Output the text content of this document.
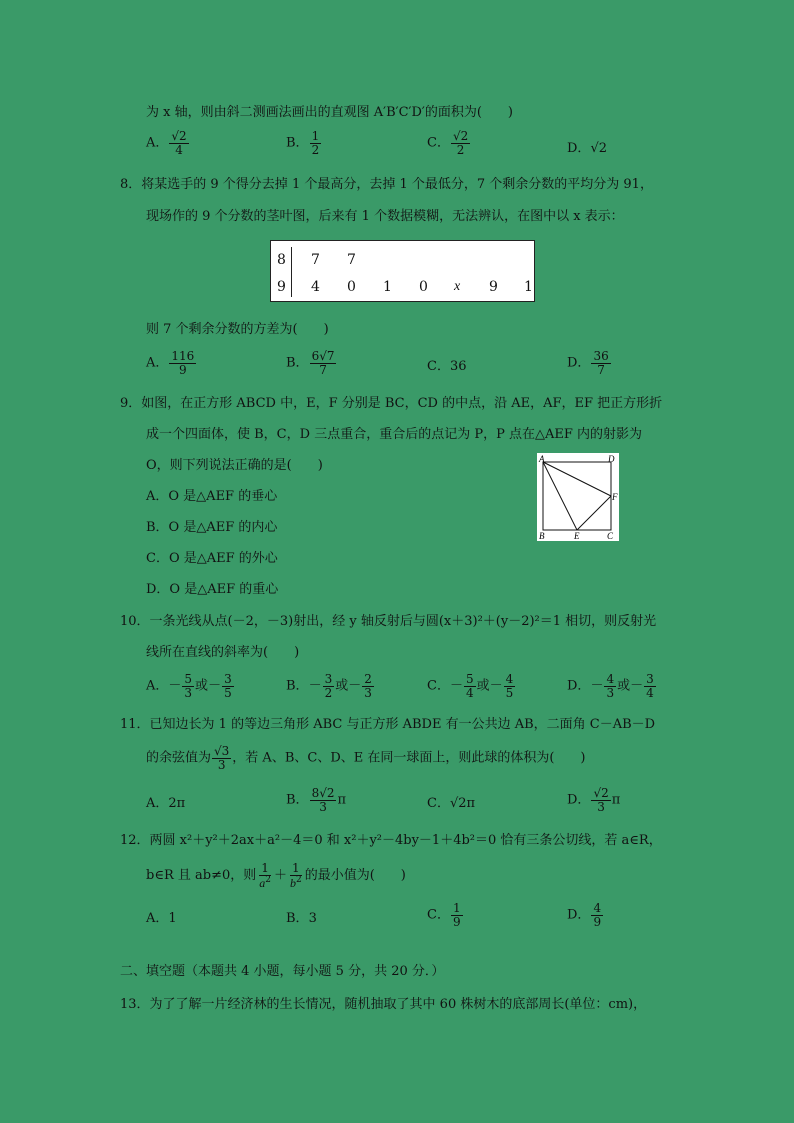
为 x 轴，则由斜二测画法画出的直观图 A′B′C′D′的面积为(　　)
A． $\frac{√2}{4}$	B． $\frac{1}{2}$	C． $\frac{√2}{2}$	D．√2
8．将某选手的 9 个得分去掉 1 个最高分，去掉 1 个最低分，7 个剩余分数的平均分为 91，
现场作的 9 个分数的茎叶图，后来有 1 个数据模糊，无法辨认，在图中以 x 表示：
8 7 7
9 4 0 1 0 x 9 1
则 7 个剩余分数的方差为(　　)
A． $\frac{116}{9}$	B． $\frac{6√7}{7}$	C．36	D． $\frac{36}{7}$
9．如图，在正方形 ABCD 中，E，F 分别是 BC，CD 的中点，沿 AE，AF，EF 把正方形折
成一个四面体，使 B，C，D 三点重合，重合后的点记为 P，P 点在△AEF 内的射影为
O，则下列说法正确的是(　　)
A．O 是△AEF 的垂心
B．O 是△AEF 的内心
C．O 是△AEF 的外心
D．O 是△AEF 的重心
A	D
F
B	E	C
10．一条光线从点(－2，－3)射出，经 y 轴反射后与圆(x＋3)²＋(y－2)²＝1 相切，则反射光
线所在直线的斜率为(　　)
A．－ $\frac{5}{3}$ 或－ $\frac{3}{5}$	B．－ $\frac{3}{2}$ 或－ $\frac{2}{3}$	C．－ $\frac{5}{4}$ 或－ $\frac{4}{5}$	D．－ $\frac{4}{3}$ 或－ $\frac{3}{4}$
11．已知边长为 1 的等边三角形 ABC 与正方形 ABDE 有一公共边 AB，二面角 C－AB－D
的余弦值为 $\frac{√3}{3}$ ，若 A、B、C、D、E 在同一球面上，则此球的体积为(　　)
A．2π	B． $\frac{8√2}{3}$ π	C．√2π	D． $\frac{√2}{3}$ π
12．两圆 x²＋y²＋2ax＋a²－4＝0 和 x²＋y²－4by－1＋4b²＝0 恰有三条公切线，若 a∈R，
b∈R 且 ab≠0，则 $\frac{1}{a^2} + \frac{1}{b^2}$ 的最小值为(　　)
A．1	B．3	C． $\frac{1}{9}$	D． $\frac{4}{9}$
二、填空题（本题共 4 小题，每小题 5 分，共 20 分．）
13．为了了解一片经济林的生长情况，随机抽取了其中 60 株树木的底部周长(单位：cm)，
